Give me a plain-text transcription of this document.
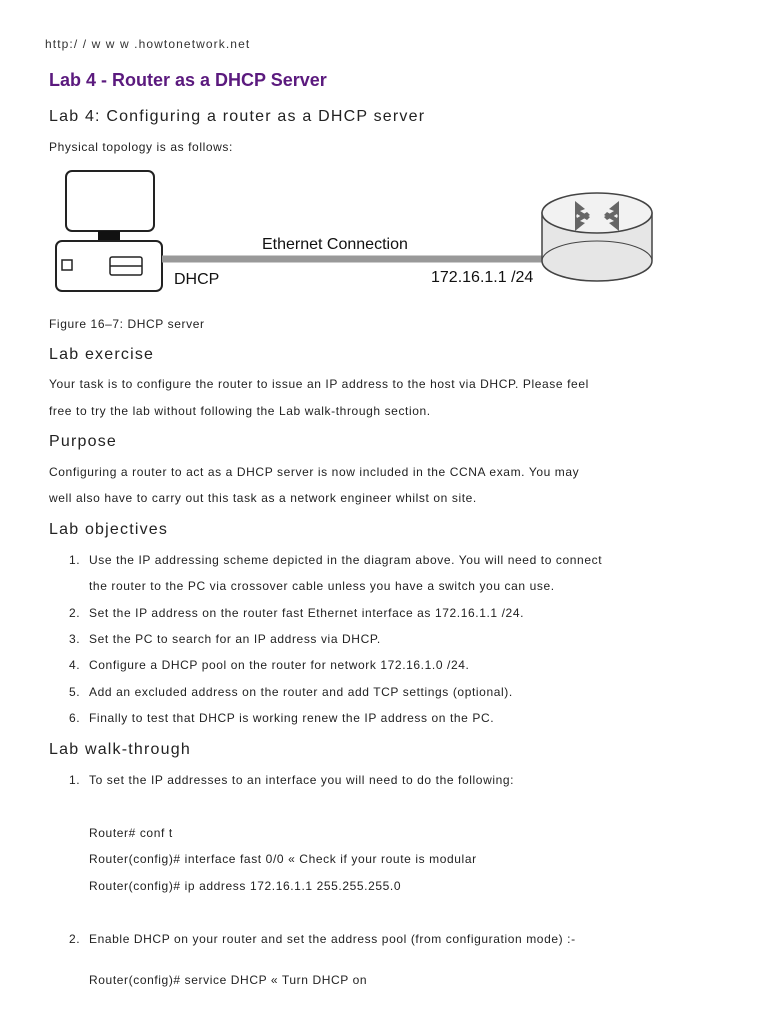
http:/ / w w w .howtonetwork.net
Lab 4 - Router as a DHCP Server
Lab 4: Configuring a router as a DHCP server
Physical topology is as follows:
Ethernet Connection
DHCP	172.16.1.1 /24
Figure 16–7: DHCP server
Lab exercise
Your task is to configure the router to issue an IP address to the host via DHCP. Please feel
free to try the lab without following the Lab walk-through section.
Purpose
Configuring a router to act as a DHCP server is now included in the CCNA exam. You may
well also have to carry out this task as a network engineer whilst on site.
Lab objectives
1. Use the IP addressing scheme depicted in the diagram above. You will need to connect
the router to the PC via crossover cable unless you have a switch you can use.
2. Set the IP address on the router fast Ethernet interface as 172.16.1.1 /24.
3. Set the PC to search for an IP address via DHCP.
4. Configure a DHCP pool on the router for network 172.16.1.0 /24.
5. Add an excluded address on the router and add TCP settings (optional).
6. Finally to test that DHCP is working renew the IP address on the PC.
Lab walk-through
1. To set the IP addresses to an interface you will need to do the following:
Router# conf t
Router(config)# interface fast 0/0 « Check if your route is modular
Router(config)# ip address 172.16.1.1 255.255.255.0
2. Enable DHCP on your router and set the address pool (from configuration mode) :-
Router(config)# service DHCP « Turn DHCP on
